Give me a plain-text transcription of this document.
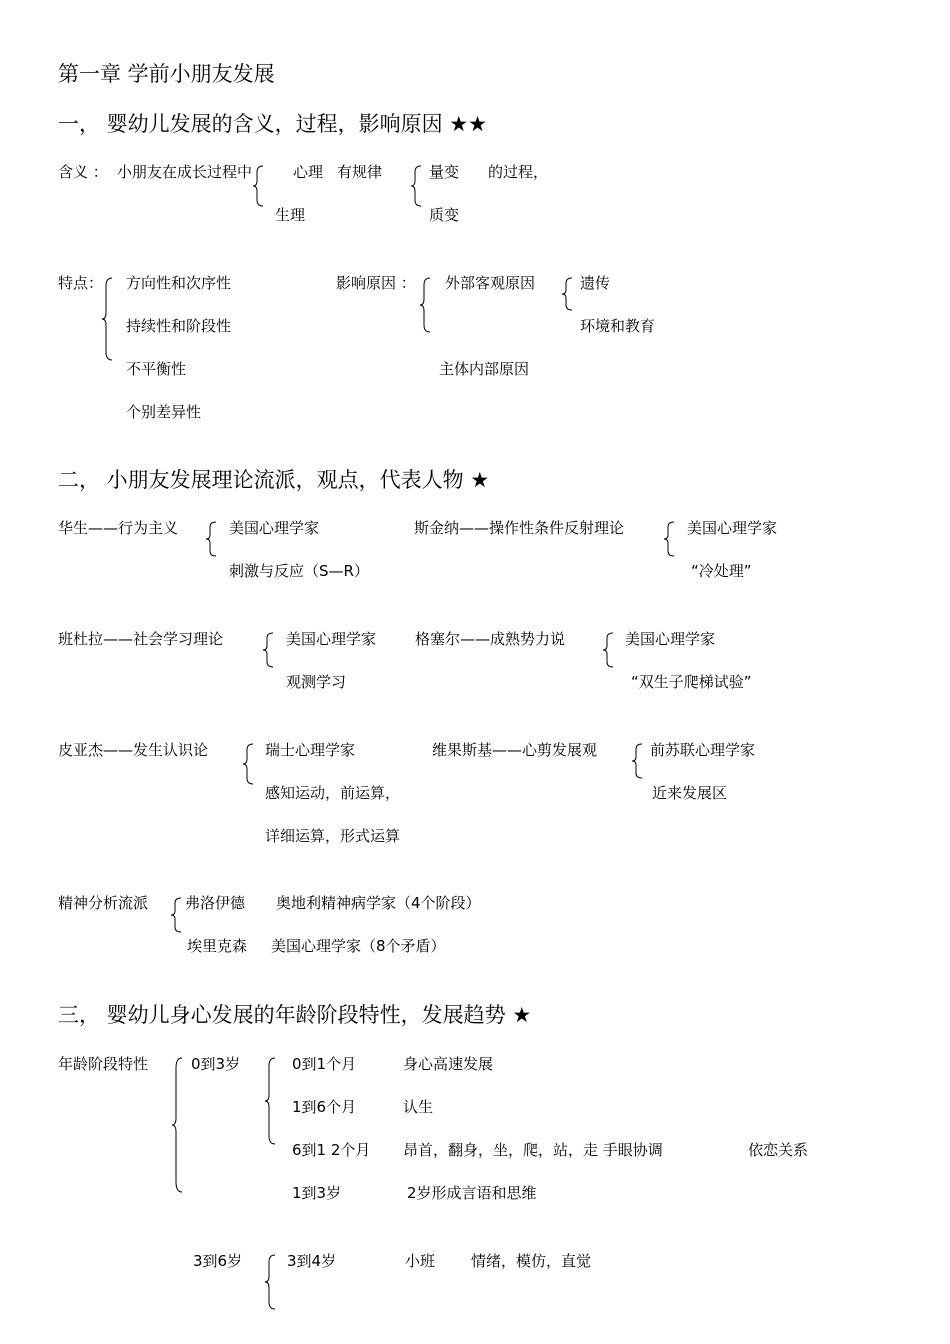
第一章 学前小朋友发展
一， 婴幼儿发展的含义，过程，影响原因 ★★
含义 ： 小朋友在成长过程中	心理
生理
有规律	量变
质变
的过程，
特点： 方向性和次序性
持续性和阶段性
不平衡性
个别差异性
影响原因 ： 外部客观原因	遗传
环境和教育
主体内部原因
二， 小朋友发展理论流派，观点，代表人物 ★
华生——行为主义	美国心理学家
刺激与反应（S—R）
斯金纳——操作性条件反射理论	美国心理学家
“冷处理”
班杜拉——社会学习理论	美国心理学家
观测学习
格塞尔——成熟势力说	美国心理学家
“双生子爬梯试验”
皮亚杰——发生认识论	瑞士心理学家
感知运动，前运算，
详细运算，形式运算
维果斯基——心剪发展观	前苏联心理学家
近来发展区
精神分析流派 弗洛伊德 奥地利精神病学家（4个阶段）
埃里克森 美国心理学家（8个矛盾）
三， 婴幼儿身心发展的年龄阶段特性，发展趋势 ★
年龄阶段特性	0到3岁	0到1个月	身心高速发展
1到6个月	认生
6到1 2个月 昂首，翻身，坐，爬，站，走 手眼协调	依恋关系
1到3岁	2岁形成言语和思维
3到6岁	3到4岁	小班 情绪，模仿，直觉
